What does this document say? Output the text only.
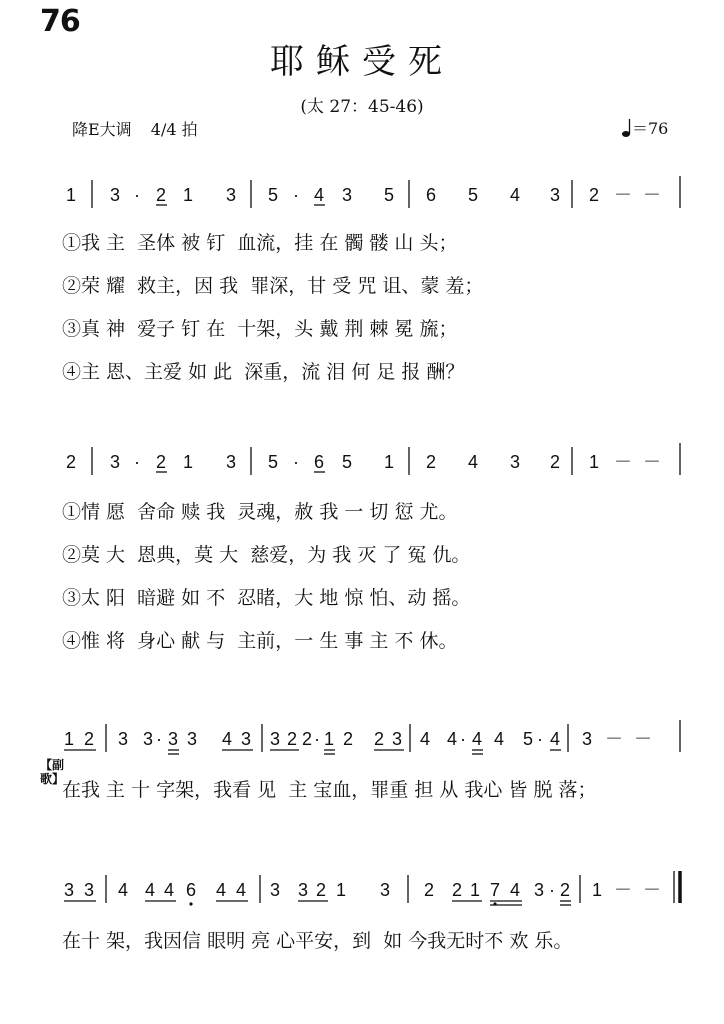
76
耶稣受死
(太 27：45-46)
降E大调 4/4 拍	＝76
1 3 · 2 1 3 5 · 4 3 5 6 5 4 3 2 － －
2 3 · 2 1 3 5 · 6 5 1 2 4 3 2 1 － －
1 2 3 3 · 3 3 4 3 3 2 2 · 1 2 2 3 4 4 · 4 4 5 · 4 3 － －
3 3 4 4 4 6 4 4 3 3 2 1 3 2 2 1 7 4 3 · 2 1 － －
①我 主  圣体 被 钉  血流，挂 在 髑 髅 山 头；
②荣 耀  救主，因 我  罪深，甘 受 咒 诅、蒙 羞；
③真 神  爱子 钉 在  十架，头 戴 荆 棘 冕 旒；
④主 恩、主爱 如 此  深重，流 泪 何 足 报 酬？
①情 愿  舍命 赎 我  灵魂，赦 我 一 切 愆 尤。
②莫 大  恩典，莫 大  慈爱，为 我 灭 了 冤 仇。
③太 阳  暗避 如 不  忍睹，大 地 惊 怕、动 摇。
④惟 将  身心 献 与  主前，一 生 事 主 不 休。
【副歌】
在我 主 十 字架，我看 见  主 宝血，罪重 担 从 我心 皆 脱 落；
在十 架，我因信 眼明 亮 心平安，到  如 今我无时不 欢 乐。
